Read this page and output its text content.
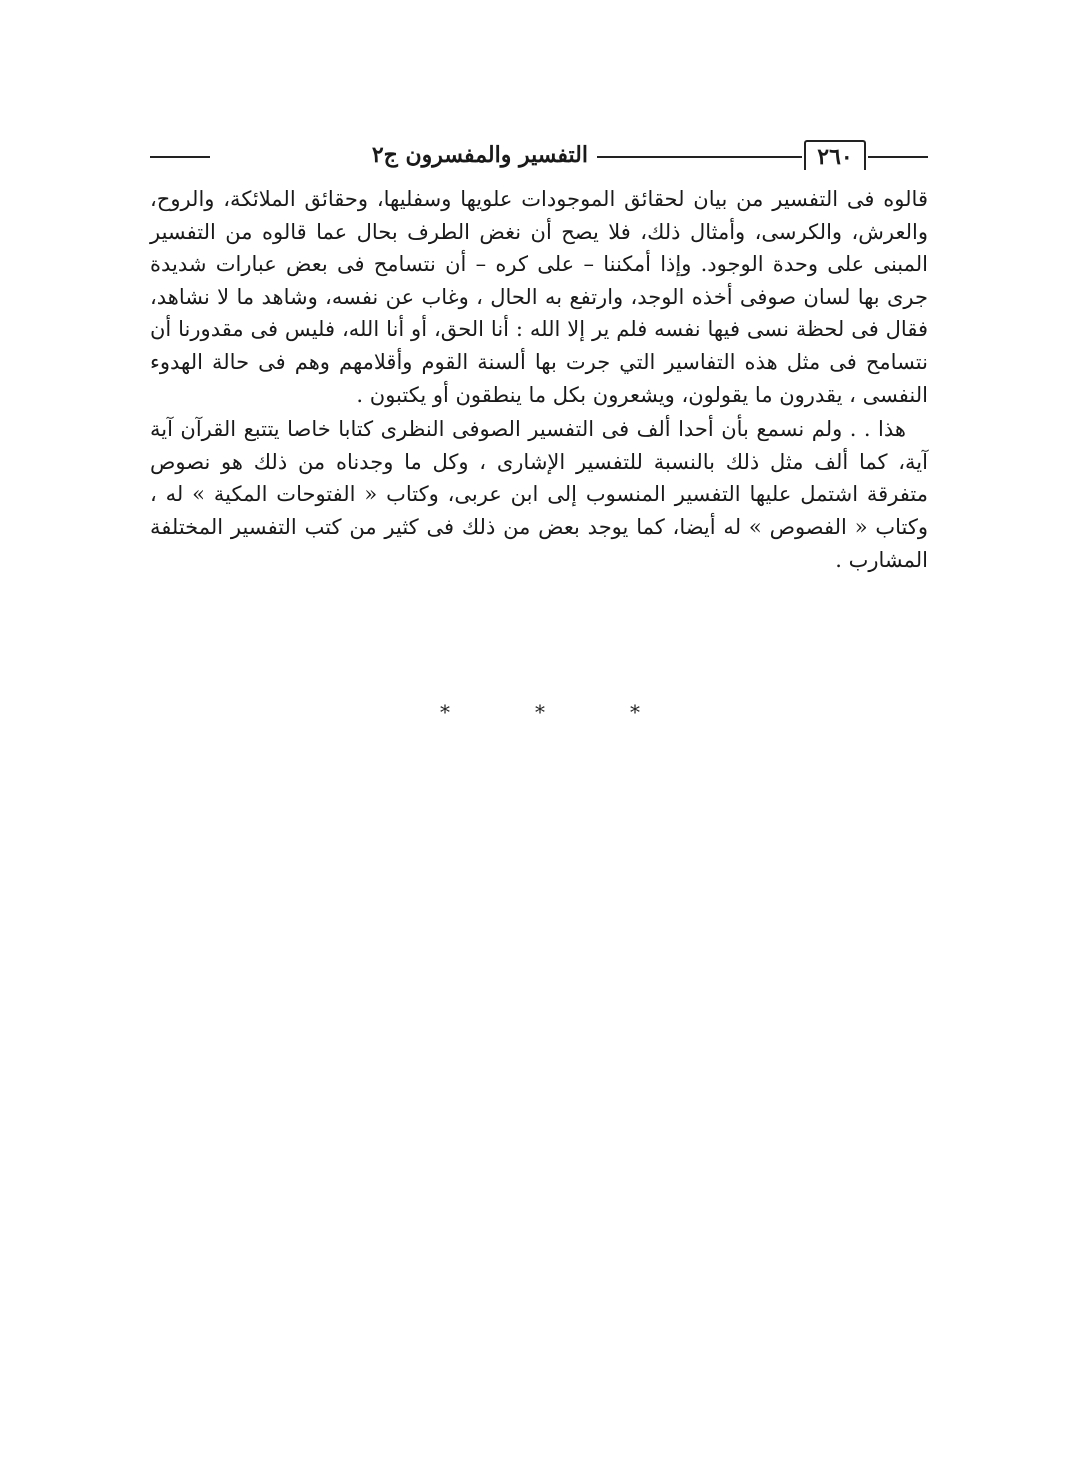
٢٦٠
التفسير والمفسرون ج٢

قالوه فى التفسير من بيان لحقائق الموجودات علويها وسفليها، وحقائق الملائكة، والروح، والعرش، والكرسى، وأمثال ذلك، فلا يصح أن نغض الطرف بحال عما قالوه من التفسير المبنى على وحدة الوجود. وإذا أمكننا – على كره – أن نتسامح فى بعض عبارات شديدة جرى بها لسان صوفى أخذه الوجد، وارتفع به الحال ، وغاب عن نفسه، وشاهد ما لا نشاهد، فقال فى لحظة نسى فيها نفسه فلم ير إلا الله : أنا الحق، أو أنا الله، فليس فى مقدورنا أن نتسامح فى مثل هذه التفاسير التي جرت بها ألسنة القوم وأقلامهم وهم فى حالة الهدوء النفسى ، يقدرون ما يقولون، ويشعرون بكل ما ينطقون أو يكتبون .

هذا . . ولم نسمع بأن أحدا ألف فى التفسير الصوفى النظرى كتابا خاصا يتتبع القرآن آية آية، كما ألف مثل ذلك بالنسبة للتفسير الإشارى ، وكل ما وجدناه من ذلك هو نصوص متفرقة اشتمل عليها التفسير المنسوب إلى ابن عربى، وكتاب « الفتوحات المكية » له ، وكتاب « الفصوص » له أيضا، كما يوجد بعض من ذلك فى كثير من كتب التفسير المختلفة المشارب .

*
*
*
